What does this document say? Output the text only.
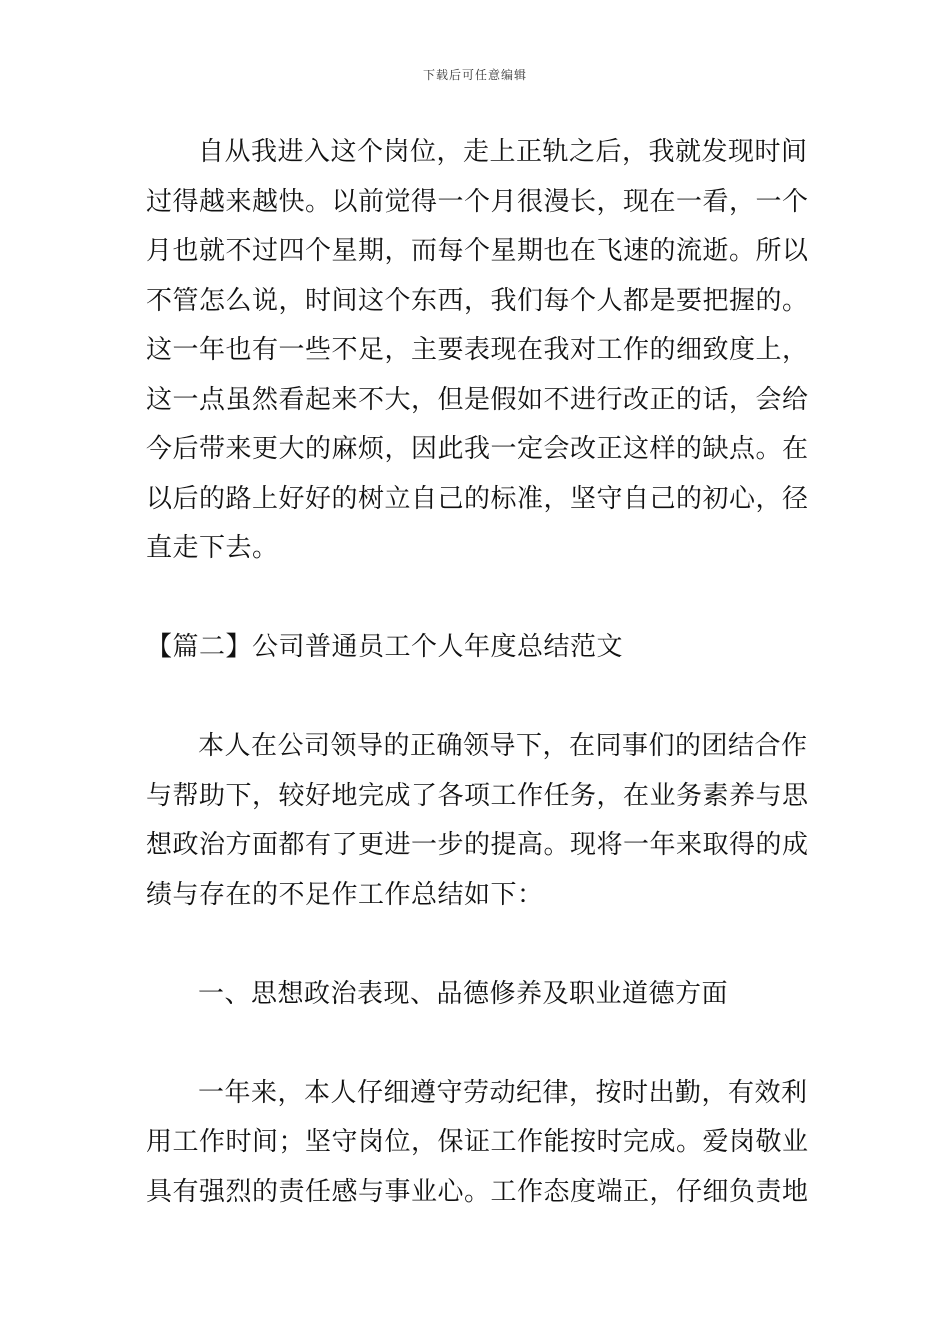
下载后可任意编辑
自从我进入这个岗位，走上正轨之后，我就发现时间
过得越来越快。以前觉得一个月很漫长，现在一看，一个
月也就不过四个星期，而每个星期也在飞速的流逝。所以
不管怎么说，时间这个东西，我们每个人都是要把握的。
这一年也有一些不足，主要表现在我对工作的细致度上，
这一点虽然看起来不大，但是假如不进行改正的话，会给
今后带来更大的麻烦，因此我一定会改正这样的缺点。在
以后的路上好好的树立自己的标准，坚守自己的初心，径
直走下去。
【篇二】公司普通员工个人年度总结范文
本人在公司领导的正确领导下，在同事们的团结合作
与帮助下，较好地完成了各项工作任务，在业务素养与思
想政治方面都有了更进一步的提高。现将一年来取得的成
绩与存在的不足作工作总结如下：
一、思想政治表现、品德修养及职业道德方面
一年来，本人仔细遵守劳动纪律，按时出勤，有效利
用工作时间；坚守岗位，保证工作能按时完成。爱岗敬业
具有强烈的责任感与事业心。工作态度端正，仔细负责地
